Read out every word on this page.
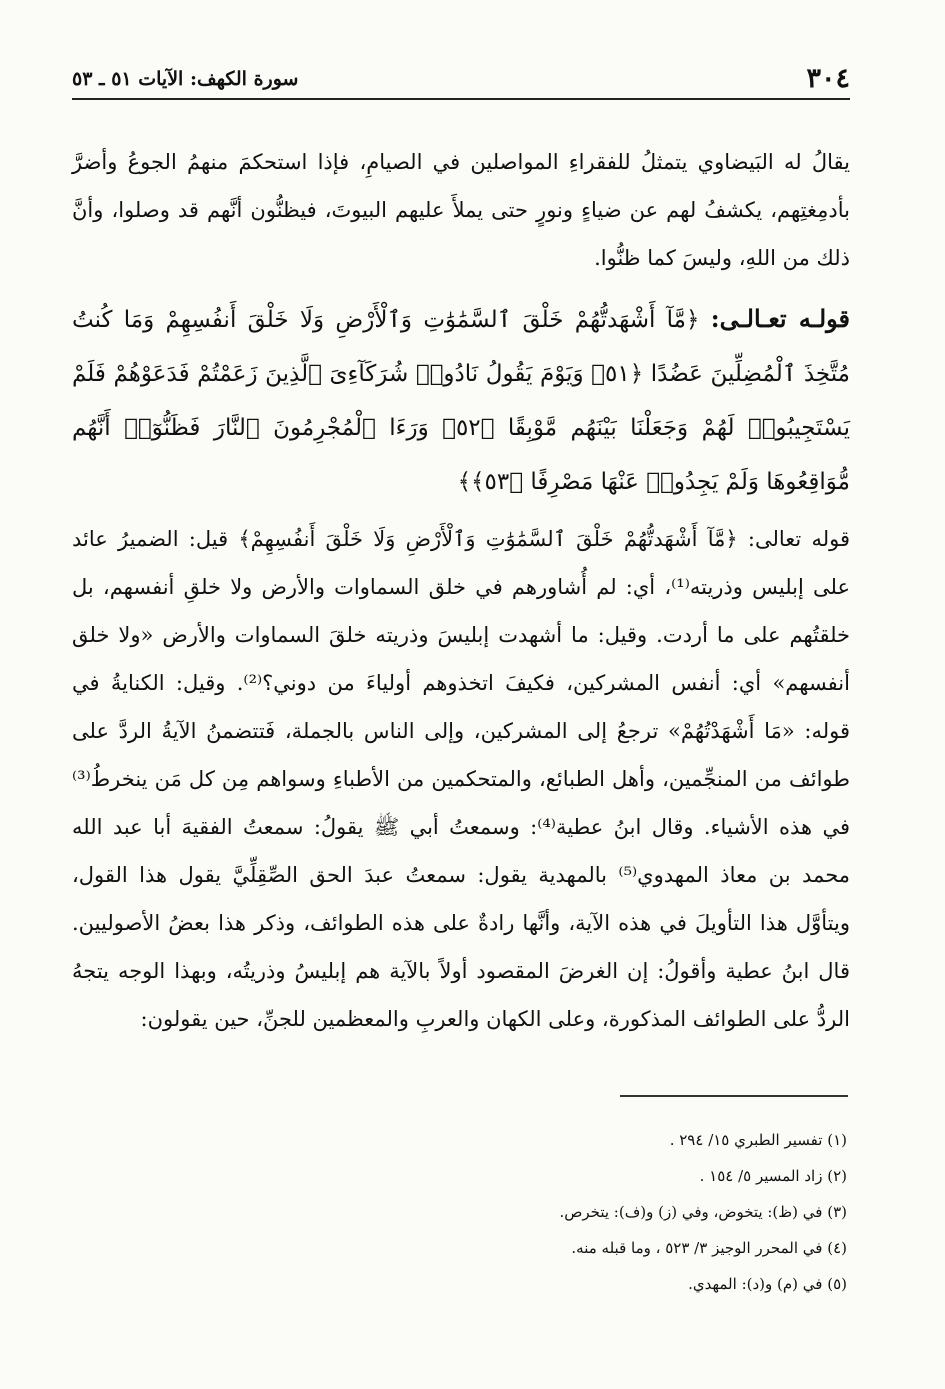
٣٠٤
سورة الكهف: الآيات ٥١ ـ ٥٣

يقالُ له البَيضاوي يتمثلُ للفقراءِ المواصلين في الصيامِ، فإذا استحكمَ منهمُ الجوعُ وأضرَّ بأدمِغتِهم، يكشفُ لهم عن ضياءٍ ونورٍ حتى يملأَ عليهم البيوتَ، فيظنُّون أنَّهم قد وصلوا، وأنَّ ذلك من اللهِ، وليسَ كما ظنُّوا.

قولـه تعـالـى: ﴿مَّآ أَشْهَدتُّهُمْ خَلْقَ ٱلسَّمَٰوَٰتِ وَٱلْأَرْضِ وَلَا خَلْقَ أَنفُسِهِمْ وَمَا كُنتُ مُتَّخِذَ ٱلْمُضِلِّينَ عَضُدًا ﴿٥١﴾ وَيَوْمَ يَقُولُ نَادُوا۟ شُرَكَآءِىَ ٱلَّذِينَ زَعَمْتُمْ فَدَعَوْهُمْ فَلَمْ يَسْتَجِيبُوا۟ لَهُمْ وَجَعَلْنَا بَيْنَهُم مَّوْبِقًا ﴿٥٢﴾ وَرَءَا ٱلْمُجْرِمُونَ ٱلنَّارَ فَظَنُّوٓا۟ أَنَّهُم مُّوَاقِعُوهَا وَلَمْ يَجِدُوا۟ عَنْهَا مَصْرِفًا ﴿٥٣﴾﴾

قوله تعالى: ﴿مَّآ أَشْهَدتُّهُمْ خَلْقَ ٱلسَّمَٰوَٰتِ وَٱلْأَرْضِ وَلَا خَلْقَ أَنفُسِهِمْ﴾ قيل: الضميرُ عائد على إبليس وذريته⁽¹⁾، أي: لم أُشاورهم في خلق السماوات والأرض ولا خلقِ أنفسهم، بل خلقتُهم على ما أردت. وقيل: ما أشهدت إبليسَ وذريته خلقَ السماوات والأرض «ولا خلق أنفسهم» أي: أنفس المشركين، فكيفَ اتخذوهم أولياءَ من دوني؟⁽²⁾. وقيل: الكنايةُ في قوله: «مَا أَشْهَدْتُهُمْ» ترجعُ إلى المشركين، وإلى الناس بالجملة، فَتتضمنُ الآيةُ الردَّ على طوائف من المنجِّمين، وأهل الطبائع، والمتحكمين من الأطباءِ وسواهم مِن كل مَن ينخرطُ⁽³⁾ في هذه الأشياء. وقال ابنُ عطية⁽⁴⁾: وسمعتُ أبي ﷺ يقولُ: سمعتُ الفقيهَ أبا عبد الله محمد بن معاذ المهدوي⁽⁵⁾ بالمهدية يقول: سمعتُ عبدَ الحق الصِّقِلِّيَّ يقول هذا القول، ويتأوَّل هذا التأويلَ في هذه الآية، وأنَّها رادةٌ على هذه الطوائف، وذكر هذا بعضُ الأصوليين. قال ابنُ عطية وأقولُ: إن الغرضَ المقصود أولاً بالآية هم إبليسُ وذريتُه، وبهذا الوجه يتجهُ الردُّ على الطوائف المذكورة، وعلى الكهان والعربِ والمعظمين للجنِّ، حين يقولون:

(١) تفسير الطبري ١٥/ ٢٩٤ .

(٢) زاد المسير ٥/ ١٥٤ .

(٣) في (ظ): يتخوض، وفي (ز) و(ف): يتخرص.

(٤) في المحرر الوجيز ٣/ ٥٢٣ ، وما قبله منه.

(٥) في (م) و(د): المهدي.
